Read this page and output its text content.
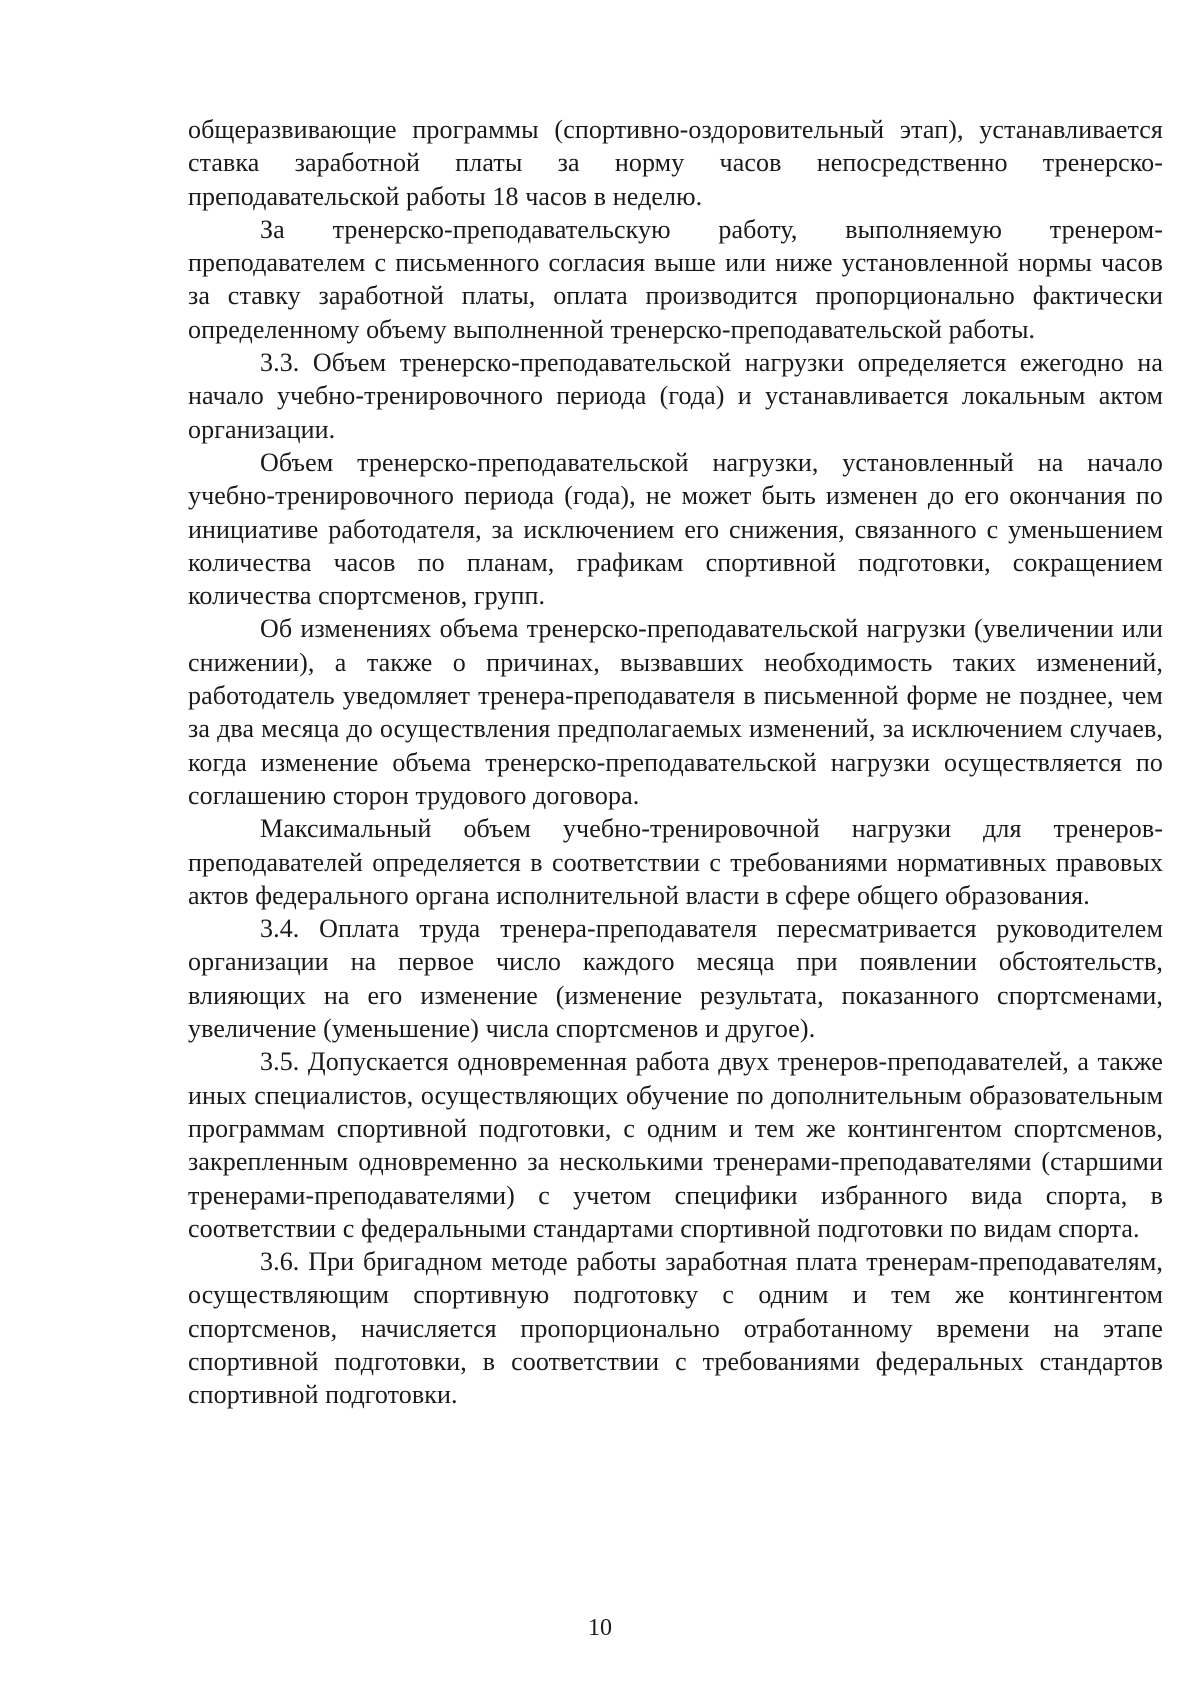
общеразвивающие программы (спортивно-оздоровительный этап), устанавливается ставка заработной платы за норму часов непосредственно тренерско-преподавательской работы 18 часов в неделю.

За тренерско-преподавательскую работу, выполняемую тренером-преподавателем с письменного согласия выше или ниже установленной нормы часов за ставку заработной платы, оплата производится пропорционально фактически определенному объему выполненной тренерско-преподавательской работы.

3.3. Объем тренерско-преподавательской нагрузки определяется ежегодно на начало учебно-тренировочного периода (года) и устанавливается локальным актом организации.

Объем тренерско-преподавательской нагрузки, установленный на начало учебно-тренировочного периода (года), не может быть изменен до его окончания по инициативе работодателя, за исключением его снижения, связанного с уменьшением количества часов по планам, графикам спортивной подготовки, сокращением количества спортсменов, групп.

Об изменениях объема тренерско-преподавательской нагрузки (увеличении или снижении), а также о причинах, вызвавших необходимость таких изменений, работодатель уведомляет тренера-преподавателя в письменной форме не позднее, чем за два месяца до осуществления предполагаемых изменений, за исключением случаев, когда изменение объема тренерско-преподавательской нагрузки осуществляется по соглашению сторон трудового договора.

Максимальный объем учебно-тренировочной нагрузки для тренеров-преподавателей определяется в соответствии с требованиями нормативных правовых актов федерального органа исполнительной власти в сфере общего образования.

3.4. Оплата труда тренера-преподавателя пересматривается руководителем организации на первое число каждого месяца при появлении обстоятельств, влияющих на его изменение (изменение результата, показанного спортсменами, увеличение (уменьшение) числа спортсменов и другое).

3.5. Допускается одновременная работа двух тренеров-преподавателей, а также иных специалистов, осуществляющих обучение по дополнительным образовательным программам спортивной подготовки, с одним и тем же контингентом спортсменов, закрепленным одновременно за несколькими тренерами-преподавателями (старшими тренерами-преподавателями) с учетом специфики избранного вида спорта, в соответствии с федеральными стандартами спортивной подготовки по видам спорта.

3.6. При бригадном методе работы заработная плата тренерам-преподавателям, осуществляющим спортивную подготовку с одним и тем же контингентом спортсменов, начисляется пропорционально отработанному времени на этапе спортивной подготовки, в соответствии с требованиями федеральных стандартов спортивной подготовки.

10
